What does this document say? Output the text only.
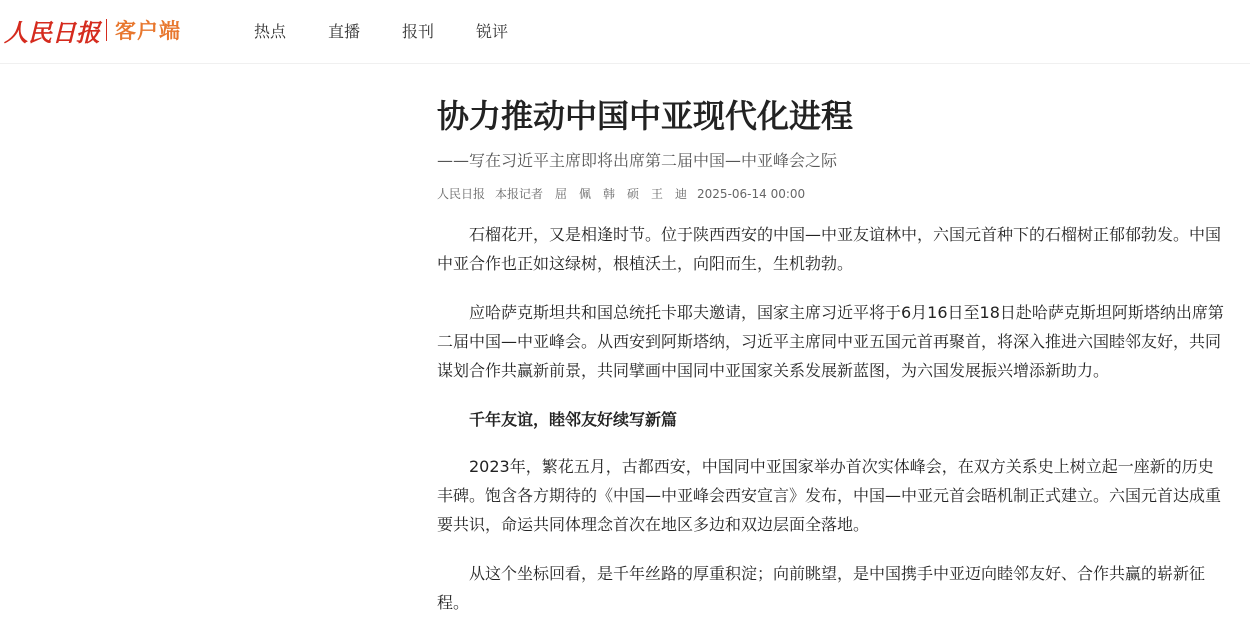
人民日报 客户端	热点	直播	报刊	锐评
协力推动中国中亚现代化进程
——写在习近平主席即将出席第二届中国—中亚峰会之际
人民日报 本报记者　屈　佩　韩　硕　王　迪 2025-06-14 00:00

石榴花开，又是相逢时节。位于陕西西安的中国—中亚友谊林中，六国元首种下的石榴树正郁郁勃发。中国中亚合作也正如这绿树，根植沃土，向阳而生，生机勃勃。

应哈萨克斯坦共和国总统托卡耶夫邀请，国家主席习近平将于6月16日至18日赴哈萨克斯坦阿斯塔纳出席第二届中国—中亚峰会。从西安到阿斯塔纳，习近平主席同中亚五国元首再聚首，将深入推进六国睦邻友好，共同谋划合作共赢新前景，共同擘画中国同中亚国家关系发展新蓝图，为六国发展振兴增添新助力。

千年友谊，睦邻友好续写新篇

2023年，繁花五月，古都西安，中国同中亚国家举办首次实体峰会，在双方关系史上树立起一座新的历史丰碑。饱含各方期待的《中国—中亚峰会西安宣言》发布，中国—中亚元首会晤机制正式建立。六国元首达成重要共识，命运共同体理念首次在地区多边和双边层面全落地。

从这个坐标回看，是千年丝路的厚重积淀；向前眺望，是中国携手中亚迈向睦邻友好、合作共赢的崭新征程。
